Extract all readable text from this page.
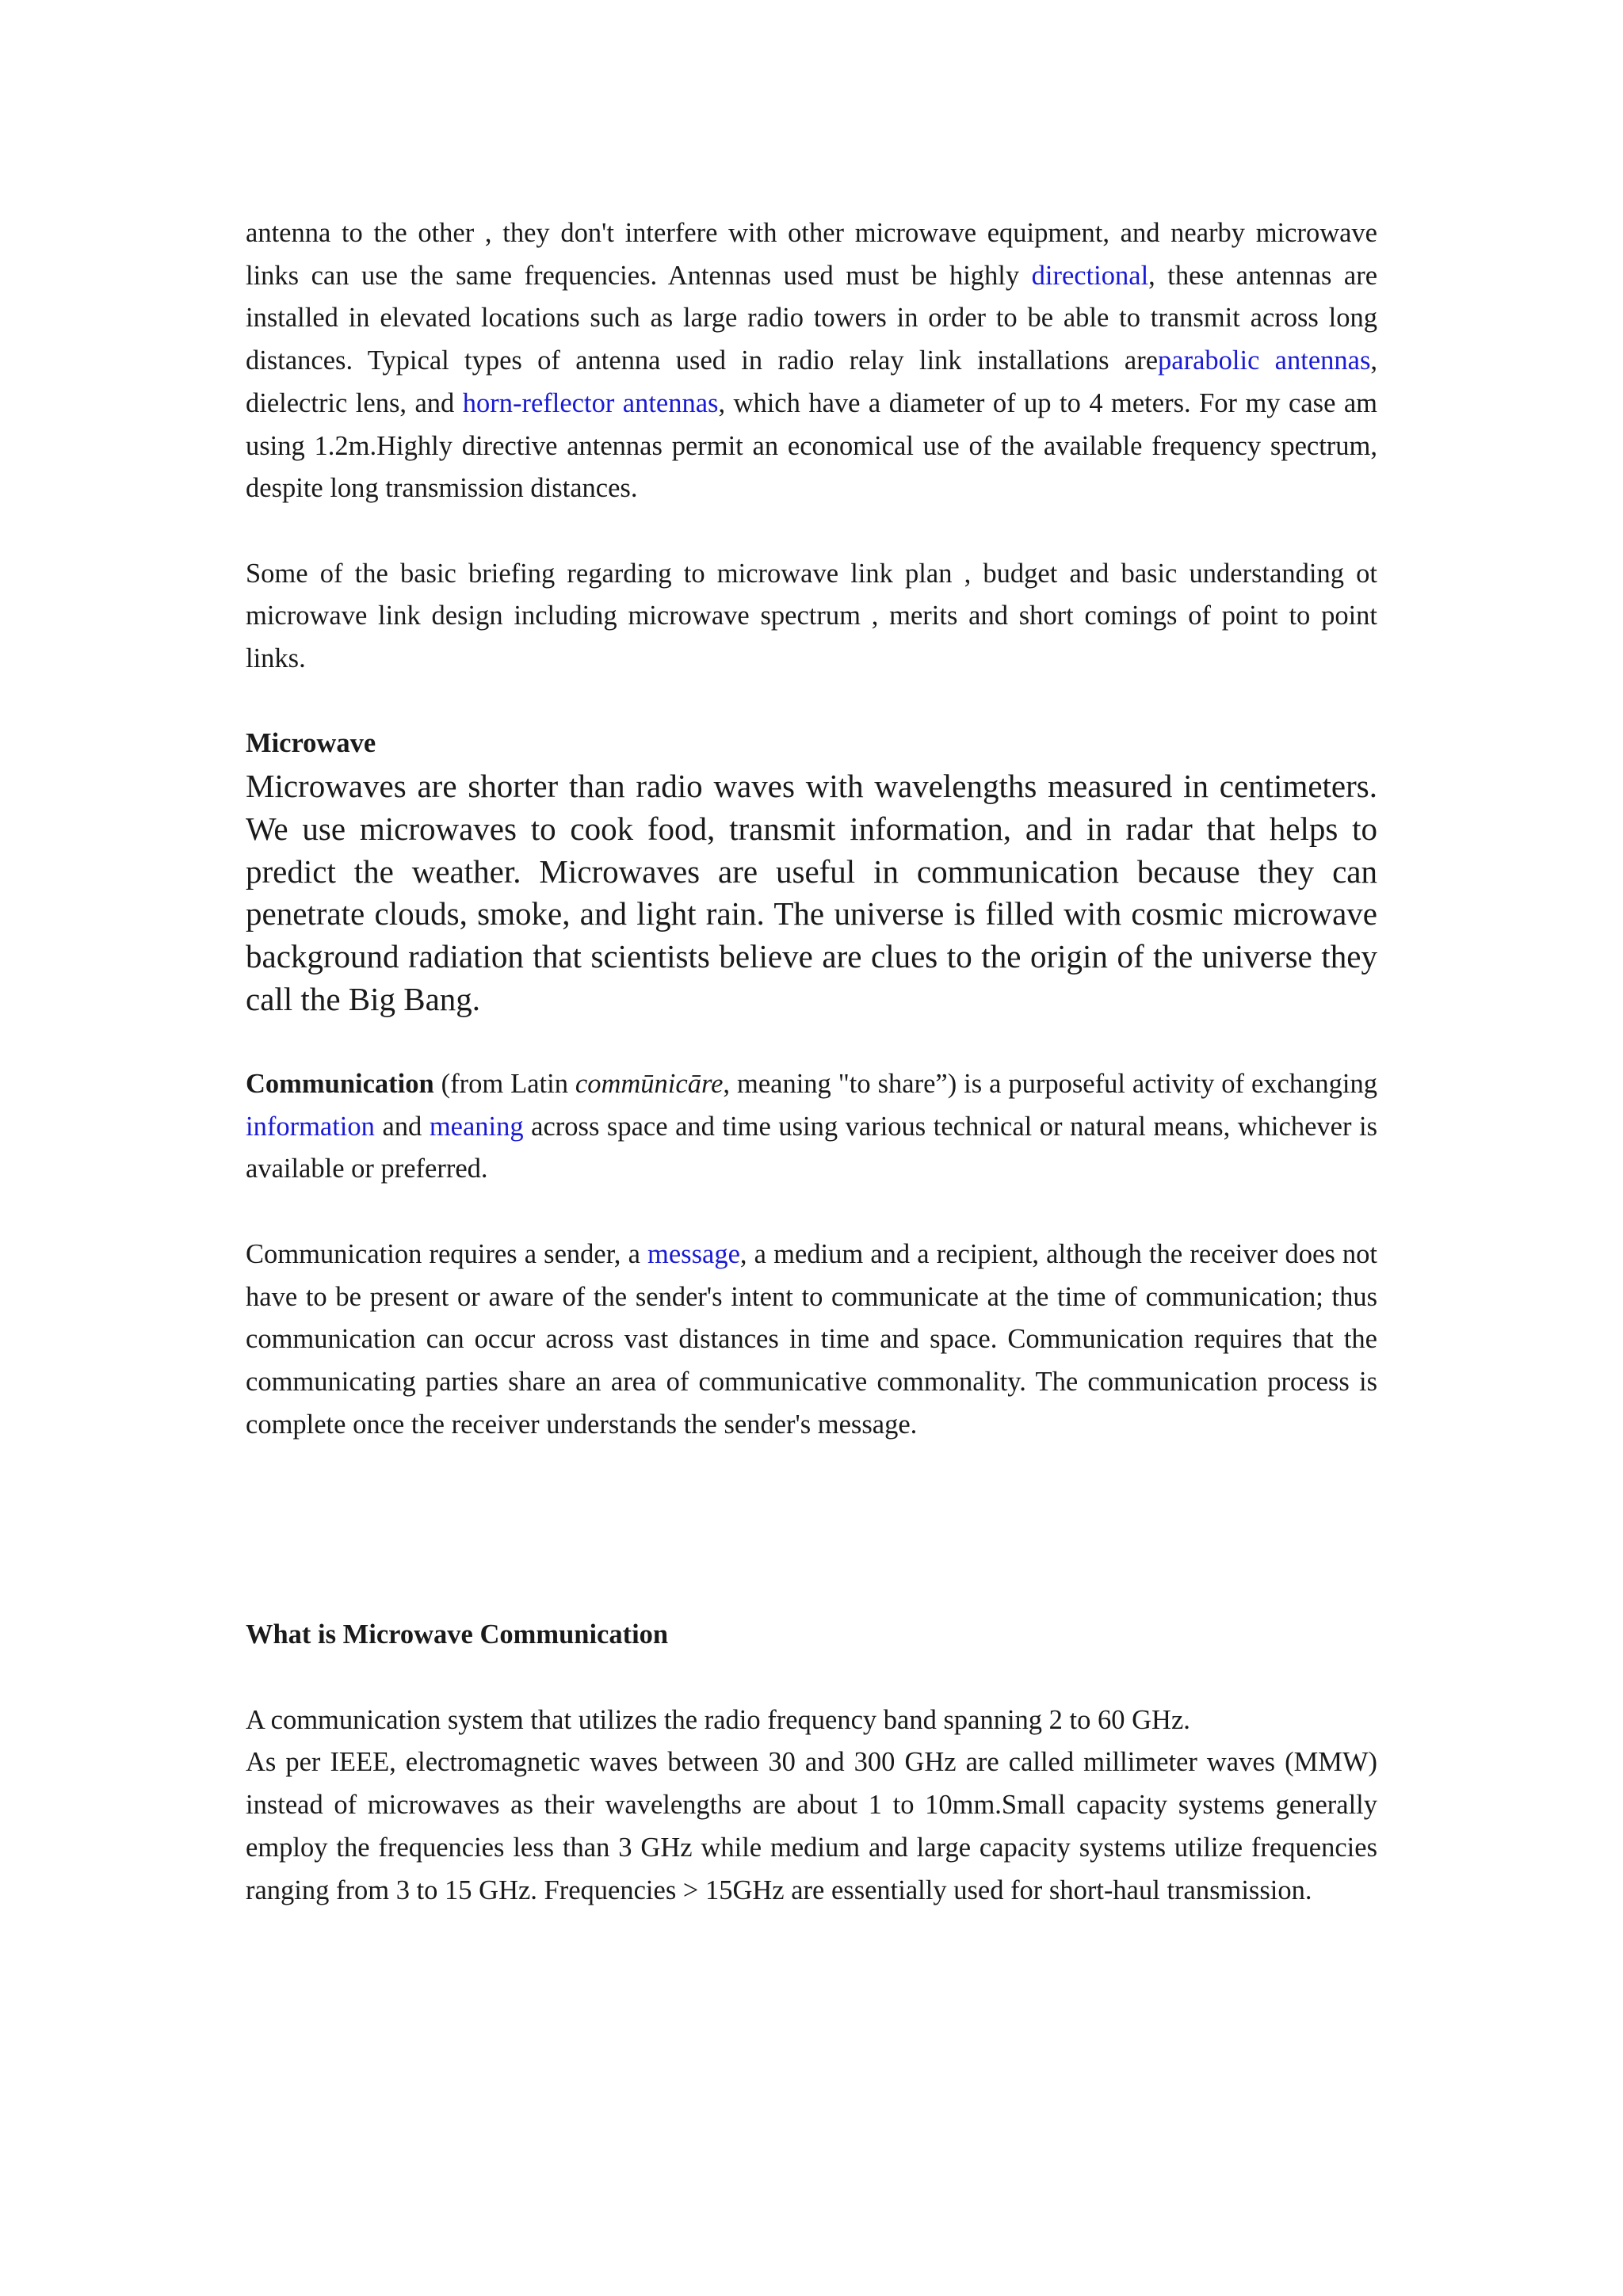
antenna to the other , they don't interfere with other microwave equipment, and nearby microwave links can use the same frequencies. Antennas used must be highly directional, these antennas are installed in elevated locations such as large radio towers in order to be able to transmit across long distances. Typical types of antenna used in radio relay link installations areparabolic antennas, dielectric lens, and horn-reflector antennas, which have a diameter of up to 4 meters. For my case am using 1.2m.Highly directive antennas permit an economical use of the available frequency spectrum, despite long transmission distances.

Some of the basic briefing regarding to microwave link plan , budget and basic understanding ot microwave link design including microwave spectrum , merits and short comings of point to point links.

Microwave

Microwaves are shorter than radio waves with wavelengths measured in centimeters. We use microwaves to cook food, transmit information, and in radar that helps to predict the weather. Microwaves are useful in communication because they can penetrate clouds, smoke, and light rain. The universe is filled with cosmic microwave background radiation that scientists believe are clues to the origin of the universe they call the Big Bang.

Communication (from Latin commūnicāre, meaning "to share”) is a purposeful activity of exchanging information and meaning across space and time using various technical or natural means, whichever is available or preferred.

Communication requires a sender, a message, a medium and a recipient, although the receiver does not have to be present or aware of the sender's intent to communicate at the time of communication; thus communication can occur across vast distances in time and space. Communication requires that the communicating parties share an area of communicative commonality. The communication process is complete once the receiver understands the sender's message.

What is Microwave Communication

A communication system that utilizes the radio frequency band spanning 2 to 60 GHz.

As per IEEE, electromagnetic waves between 30 and 300 GHz are called millimeter waves (MMW) instead of microwaves as their wavelengths are about 1 to 10mm.Small capacity systems generally employ the frequencies less than 3 GHz while medium and large capacity systems utilize frequencies ranging from 3 to 15 GHz. Frequencies > 15GHz are essentially used for short-haul transmission.
